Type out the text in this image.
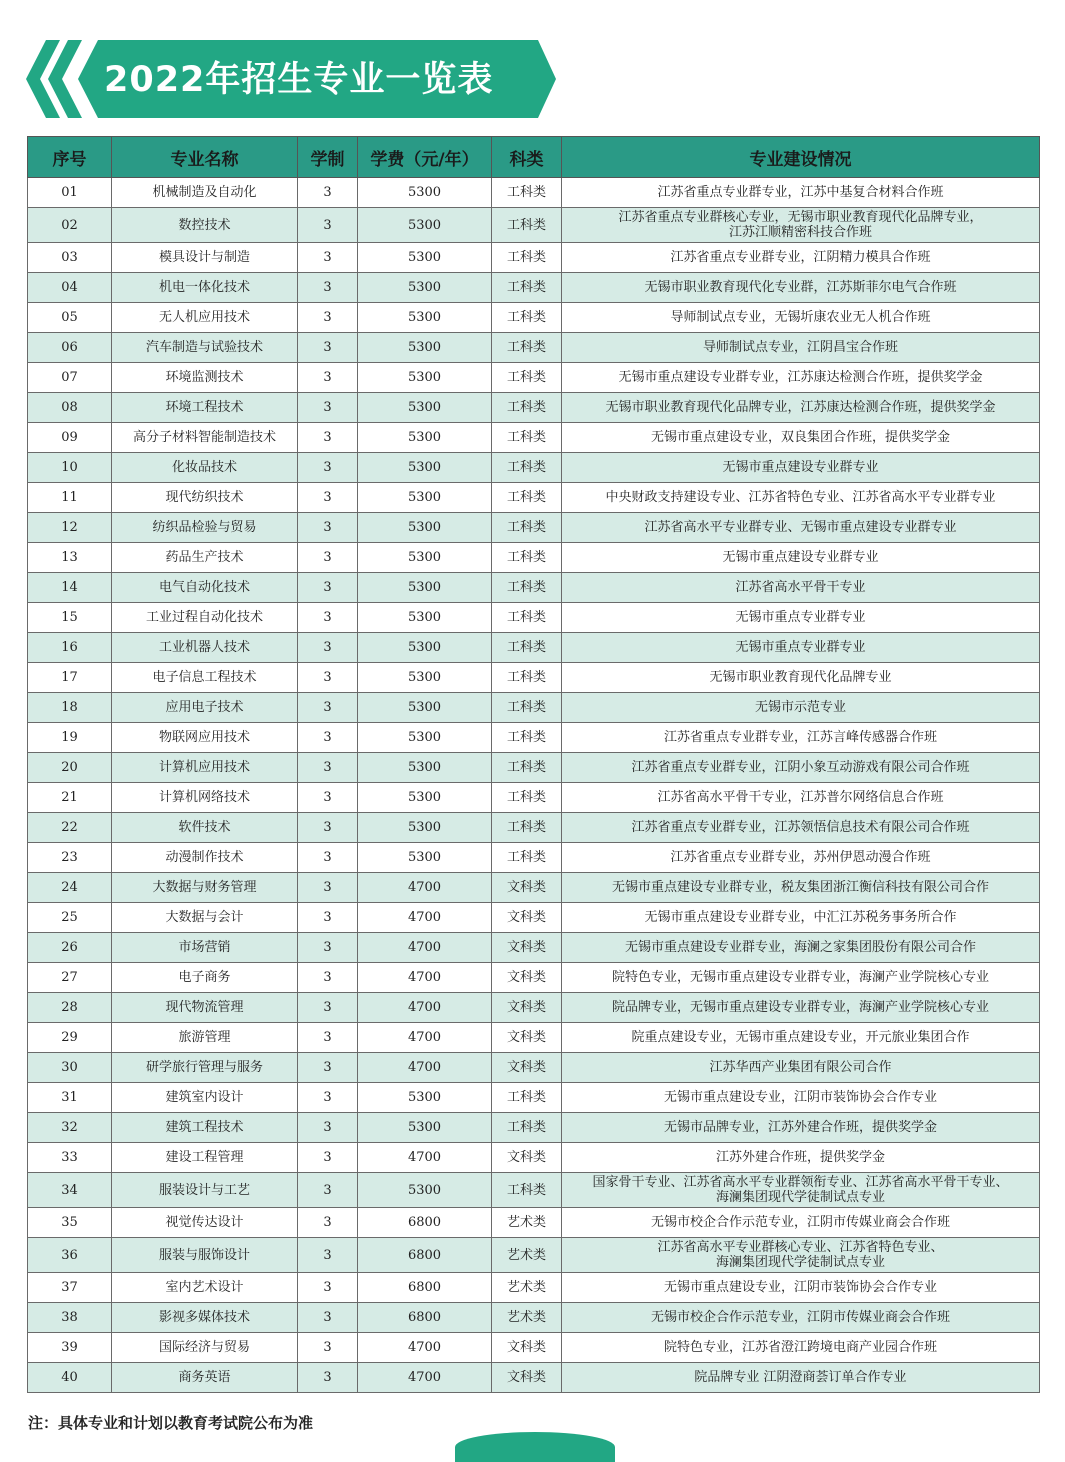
2022年招生专业一览表
序号	专业名称	学制	学费（元/年）	科类	专业建设情况
01	机械制造及自动化	3	5300	工科类	江苏省重点专业群专业，江苏中基复合材料合作班

02	数控技术	3	5300	工科类	江苏省重点专业群核心专业，无锡市职业教育现代化品牌专业，
江苏江顺精密科技合作班

03	模具设计与制造	3	5300	工科类	江苏省重点专业群专业，江阴精力模具合作班

04	机电一体化技术	3	5300	工科类	无锡市职业教育现代化专业群，江苏斯菲尔电气合作班

05	无人机应用技术	3	5300	工科类	导师制试点专业，无锡圻康农业无人机合作班

06	汽车制造与试验技术	3	5300	工科类	导师制试点专业，江阴昌宝合作班

07	环境监测技术	3	5300	工科类	无锡市重点建设专业群专业，江苏康达检测合作班，提供奖学金

08	环境工程技术	3	5300	工科类	无锡市职业教育现代化品牌专业，江苏康达检测合作班，提供奖学金

09	高分子材料智能制造技术	3	5300	工科类	无锡市重点建设专业，双良集团合作班，提供奖学金

10	化妆品技术	3	5300	工科类	无锡市重点建设专业群专业

11	现代纺织技术	3	5300	工科类	中央财政支持建设专业、江苏省特色专业、江苏省高水平专业群专业

12	纺织品检验与贸易	3	5300	工科类	江苏省高水平专业群专业、无锡市重点建设专业群专业

13	药品生产技术	3	5300	工科类	无锡市重点建设专业群专业

14	电气自动化技术	3	5300	工科类	江苏省高水平骨干专业

15	工业过程自动化技术	3	5300	工科类	无锡市重点专业群专业

16	工业机器人技术	3	5300	工科类	无锡市重点专业群专业

17	电子信息工程技术	3	5300	工科类	无锡市职业教育现代化品牌专业

18	应用电子技术	3	5300	工科类	无锡市示范专业

19	物联网应用技术	3	5300	工科类	江苏省重点专业群专业，江苏言峰传感器合作班

20	计算机应用技术	3	5300	工科类	江苏省重点专业群专业，江阴小象互动游戏有限公司合作班

21	计算机网络技术	3	5300	工科类	江苏省高水平骨干专业，江苏普尔网络信息合作班

22	软件技术	3	5300	工科类	江苏省重点专业群专业，江苏领悟信息技术有限公司合作班

23	动漫制作技术	3	5300	工科类	江苏省重点专业群专业，苏州伊恩动漫合作班

24	大数据与财务管理	3	4700	文科类	无锡市重点建设专业群专业，税友集团浙江衡信科技有限公司合作

25	大数据与会计	3	4700	文科类	无锡市重点建设专业群专业，中汇江苏税务事务所合作

26	市场营销	3	4700	文科类	无锡市重点建设专业群专业，海澜之家集团股份有限公司合作

27	电子商务	3	4700	文科类	院特色专业，无锡市重点建设专业群专业，海澜产业学院核心专业

28	现代物流管理	3	4700	文科类	院品牌专业，无锡市重点建设专业群专业，海澜产业学院核心专业

29	旅游管理	3	4700	文科类	院重点建设专业，无锡市重点建设专业，开元旅业集团合作

30	研学旅行管理与服务	3	4700	文科类	江苏华西产业集团有限公司合作

31	建筑室内设计	3	5300	工科类	无锡市重点建设专业，江阴市装饰协会合作专业

32	建筑工程技术	3	5300	工科类	无锡市品牌专业，江苏外建合作班，提供奖学金

33	建设工程管理	3	4700	文科类	江苏外建合作班，提供奖学金

34	服装设计与工艺	3	5300	工科类	国家骨干专业、江苏省高水平专业群领衔专业、江苏省高水平骨干专业、
海澜集团现代学徒制试点专业

35	视觉传达设计	3	6800	艺术类	无锡市校企合作示范专业，江阴市传媒业商会合作班

36	服装与服饰设计	3	6800	艺术类	江苏省高水平专业群核心专业、江苏省特色专业、
海澜集团现代学徒制试点专业

37	室内艺术设计	3	6800	艺术类	无锡市重点建设专业，江阴市装饰协会合作专业

38	影视多媒体技术	3	6800	艺术类	无锡市校企合作示范专业，江阴市传媒业商会合作班

39	国际经济与贸易	3	4700	文科类	院特色专业，江苏省澄江跨境电商产业园合作班

40	商务英语	3	4700	文科类	院品牌专业 江阴澄商荟订单合作专业
注：具体专业和计划以教育考试院公布为准
